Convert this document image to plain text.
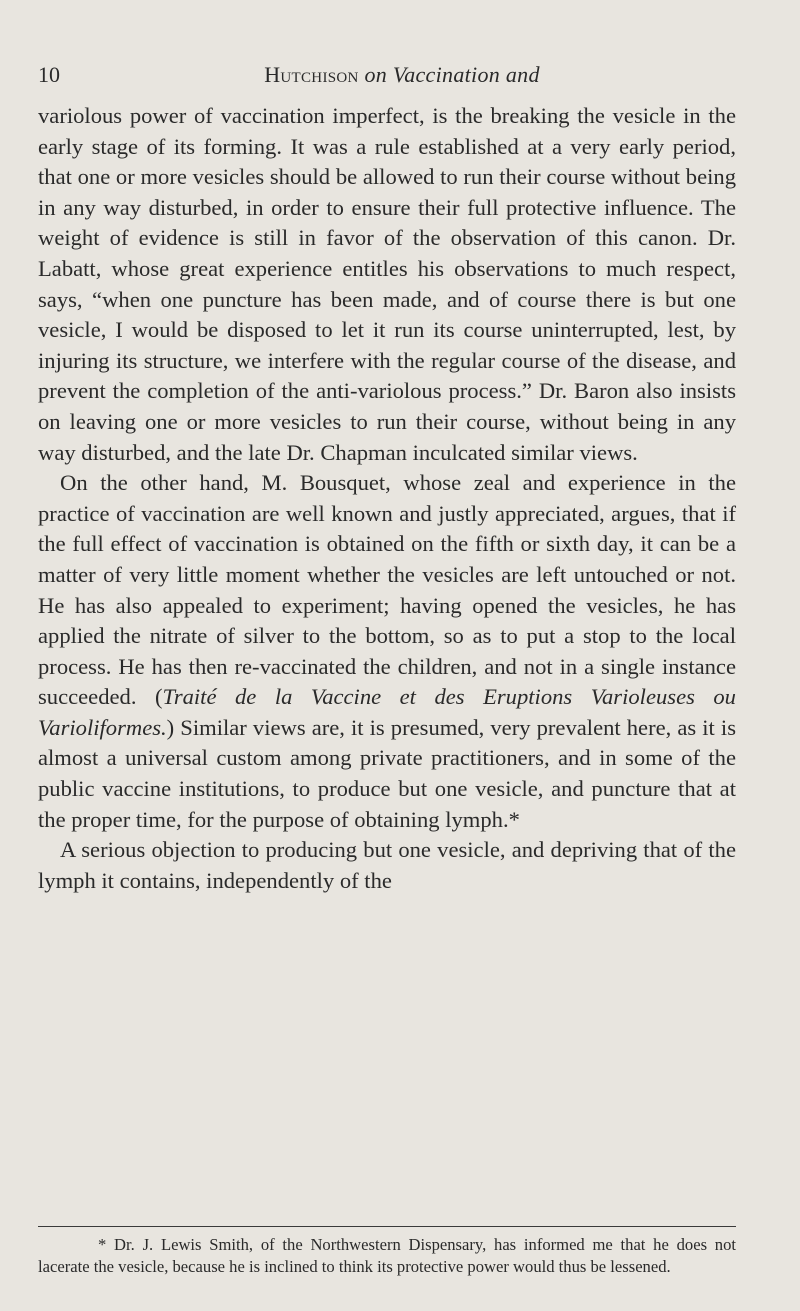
10	Hutchison on Vaccination and

variolous power of vaccination imperfect, is the breaking the vesicle in the early stage of its forming. It was a rule established at a very early period, that one or more vesicles should be allowed to run their course without being in any way disturbed, in order to ensure their full protective influence. The weight of evidence is still in favor of the observation of this canon. Dr. Labatt, whose great experience entitles his observations to much respect, says, “when one puncture has been made, and of course there is but one vesicle, I would be disposed to let it run its course uninterrupted, lest, by injuring its structure, we interfere with the regular course of the disease, and prevent the completion of the anti-variolous process.” Dr. Baron also insists on leaving one or more vesicles to run their course, without being in any way disturbed, and the late Dr. Chapman inculcated similar views.

On the other hand, M. Bousquet, whose zeal and experience in the practice of vaccination are well known and justly appreciated, argues, that if the full effect of vaccination is obtained on the fifth or sixth day, it can be a matter of very little moment whether the vesicles are left untouched or not. He has also appealed to experiment; having opened the vesicles, he has applied the nitrate of silver to the bottom, so as to put a stop to the local process. He has then re-vaccinated the children, and not in a single instance succeeded. (Traité de la Vaccine et des Eruptions Varioleuses ou Varioliformes.) Similar views are, it is presumed, very prevalent here, as it is almost a universal custom among private practitioners, and in some of the public vaccine institutions, to produce but one vesicle, and puncture that at the proper time, for the purpose of obtaining lymph.*

A serious objection to producing but one vesicle, and depriving that of the lymph it contains, independently of the

* Dr. J. Lewis Smith, of the Northwestern Dispensary, has informed me that he does not lacerate the vesicle, because he is inclined to think its protective power would thus be lessened.
